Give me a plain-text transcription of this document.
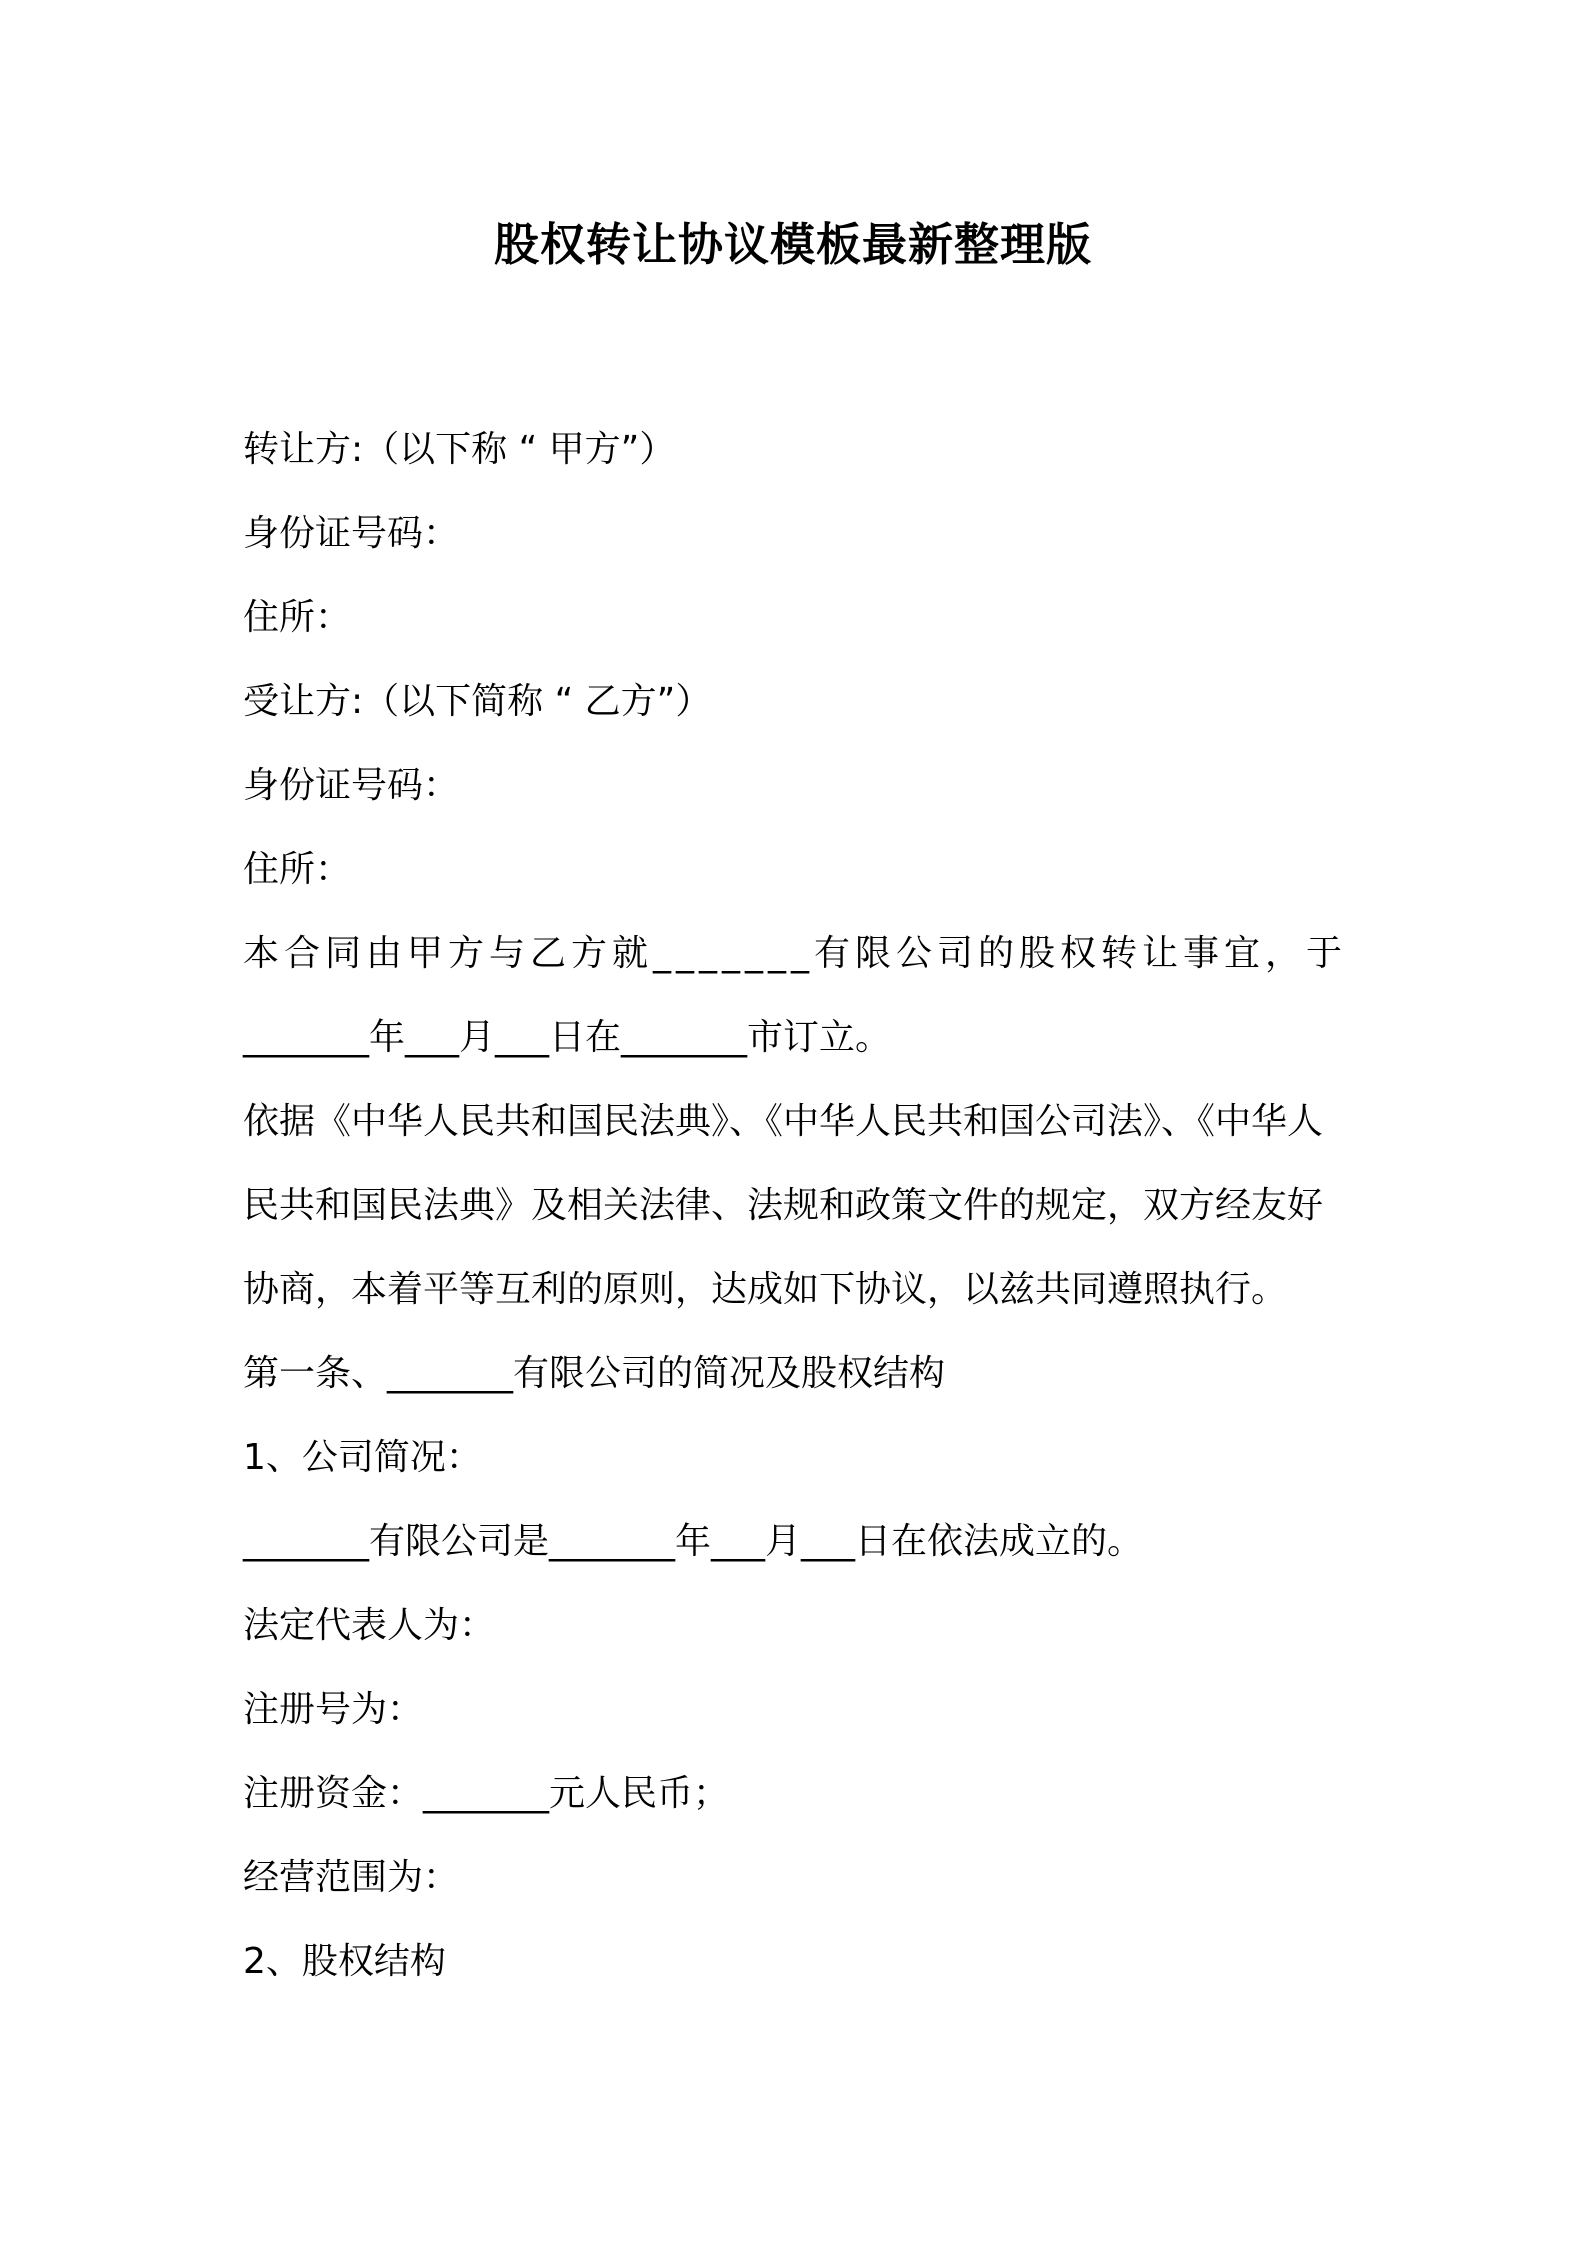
股权转让协议模板最新整理版
转让方:（以下称 “ 甲方”）
身份证号码：
住所：
受让方:（以下简称 “ 乙方”）
身份证号码：
住所：
本合同由甲方与乙方就_______有限公司的股权转让事宜，于
_______年___月___日在_______市订立。
依据《中华人民共和国民法典》、《中华人民共和国公司法》、《中华人
民共和国民法典》及相关法律、法规和政策文件的规定，双方经友好
协商，本着平等互利的原则，达成如下协议，以兹共同遵照执行。
第一条、_______有限公司的简况及股权结构
1、公司简况：
_______有限公司是_______年___月___日在依法成立的。
法定代表人为：
注册号为：
注册资金：_______元人民币；
经营范围为：
2、股权结构
